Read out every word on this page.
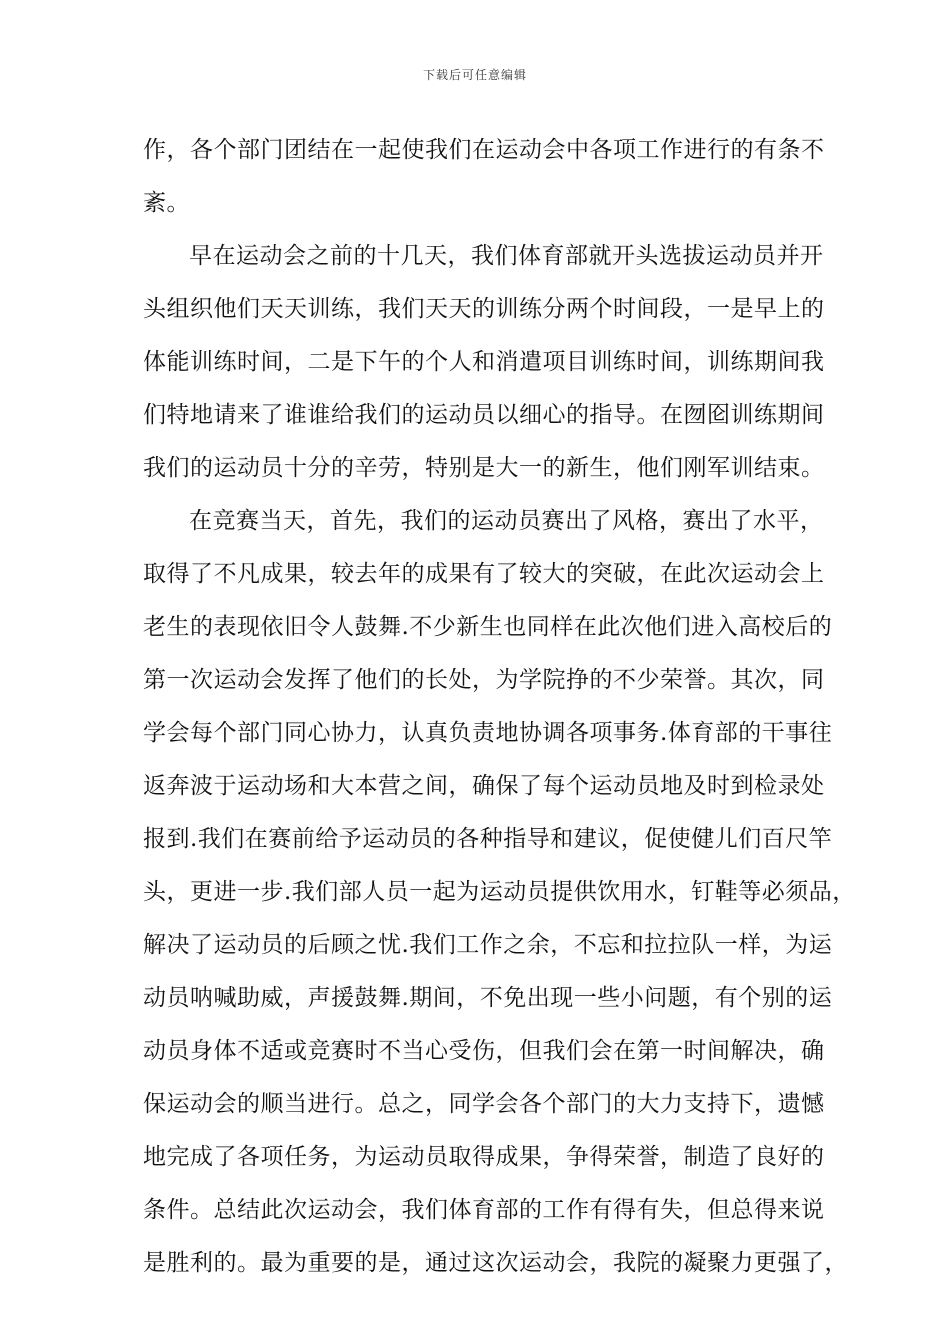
下载后可任意编辑
作，各个部门团结在一起使我们在运动会中各项工作进行的有条不
紊。
早在运动会之前的十几天，我们体育部就开头选拔运动员并开
头组织他们天天训练，我们天天的训练分两个时间段，一是早上的
体能训练时间，二是下午的个人和消遣项目训练时间，训练期间我
们特地请来了谁谁给我们的运动员以细心的指导。在囫囵训练期间
我们的运动员十分的辛劳，特别是大一的新生，他们刚军训结束。
在竞赛当天，首先，我们的运动员赛出了风格，赛出了水平，
取得了不凡成果，较去年的成果有了较大的突破，在此次运动会上
老生的表现依旧令人鼓舞.不少新生也同样在此次他们进入高校后的
第一次运动会发挥了他们的长处，为学院挣的不少荣誉。其次，同
学会每个部门同心协力，认真负责地协调各项事务.体育部的干事往
返奔波于运动场和大本营之间，确保了每个运动员地及时到检录处
报到.我们在赛前给予运动员的各种指导和建议，促使健儿们百尺竿
头，更进一步.我们部人员一起为运动员提供饮用水，钉鞋等必须品，
解决了运动员的后顾之忧.我们工作之余，不忘和拉拉队一样，为运
动员呐喊助威，声援鼓舞.期间，不免出现一些小问题，有个别的运
动员身体不适或竞赛时不当心受伤，但我们会在第一时间解决，确
保运动会的顺当进行。总之，同学会各个部门的大力支持下，遗憾
地完成了各项任务，为运动员取得成果，争得荣誉，制造了良好的
条件。总结此次运动会，我们体育部的工作有得有失，但总得来说
是胜利的。最为重要的是，通过这次运动会，我院的凝聚力更强了，
